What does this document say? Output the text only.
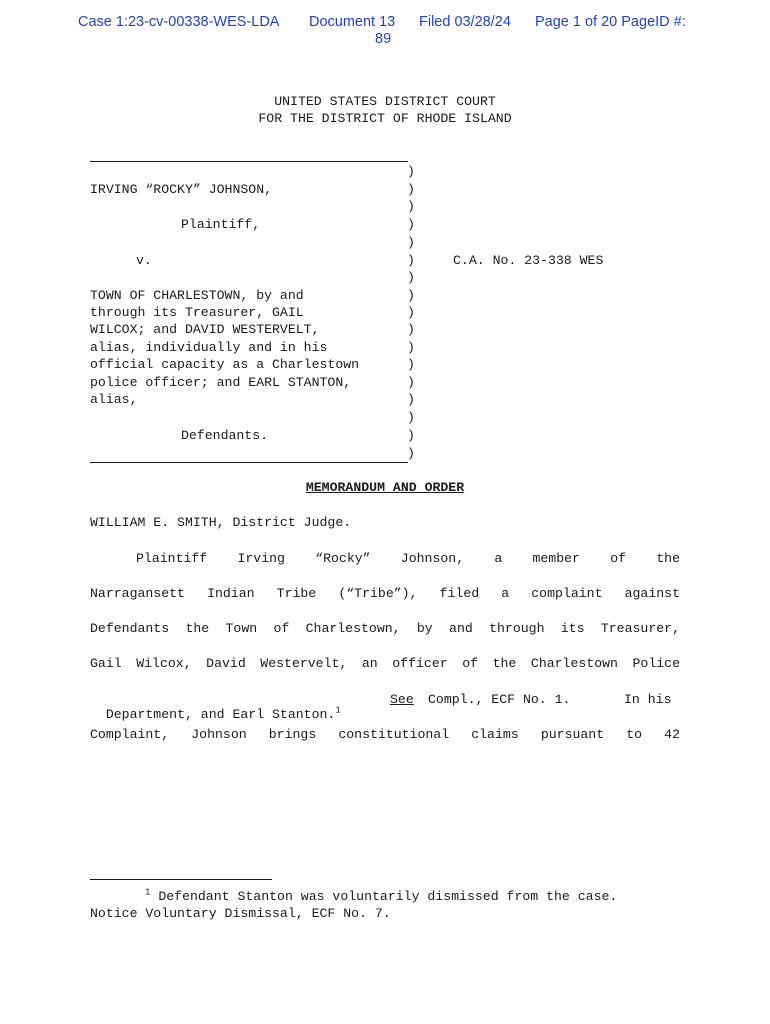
Case 1:23-cv-00338-WES-LDA Document 13 Filed 03/28/24 Page 1 of 20 PageID #:
89
UNITED STATES DISTRICT COURT
FOR THE DISTRICT OF RHODE ISLAND
IRVING “ROCKY” JOHNSON,
Plaintiff,
v.	C.A. No. 23-338 WES
TOWN OF CHARLESTOWN, by and
through its Treasurer, GAIL
WILCOX; and DAVID WESTERVELT,
alias, individually and in his
official capacity as a Charlestown
police officer; and EARL STANTON,
alias,
Defendants.
)
)
)
)
)
)
)
)
)
)
)
)
)
)
)
)
)
MEMORANDUM AND ORDER
WILLIAM E. SMITH, District Judge.
Plaintiff Irving “Rocky” Johnson, a member of the
Narragansett Indian Tribe (“Tribe”), filed a complaint against
Defendants the Town of Charlestown, by and through its Treasurer,
Gail Wilcox, David Westervelt, an officer of the Charlestown Police

Department, and Earl Stanton.$^1$

See Compl., ECF No. 1.	In his
Complaint, Johnson brings constitutional claims pursuant to 42
$^1$ Defendant Stanton was voluntarily dismissed from the case.
Notice Voluntary Dismissal, ECF No. 7.
